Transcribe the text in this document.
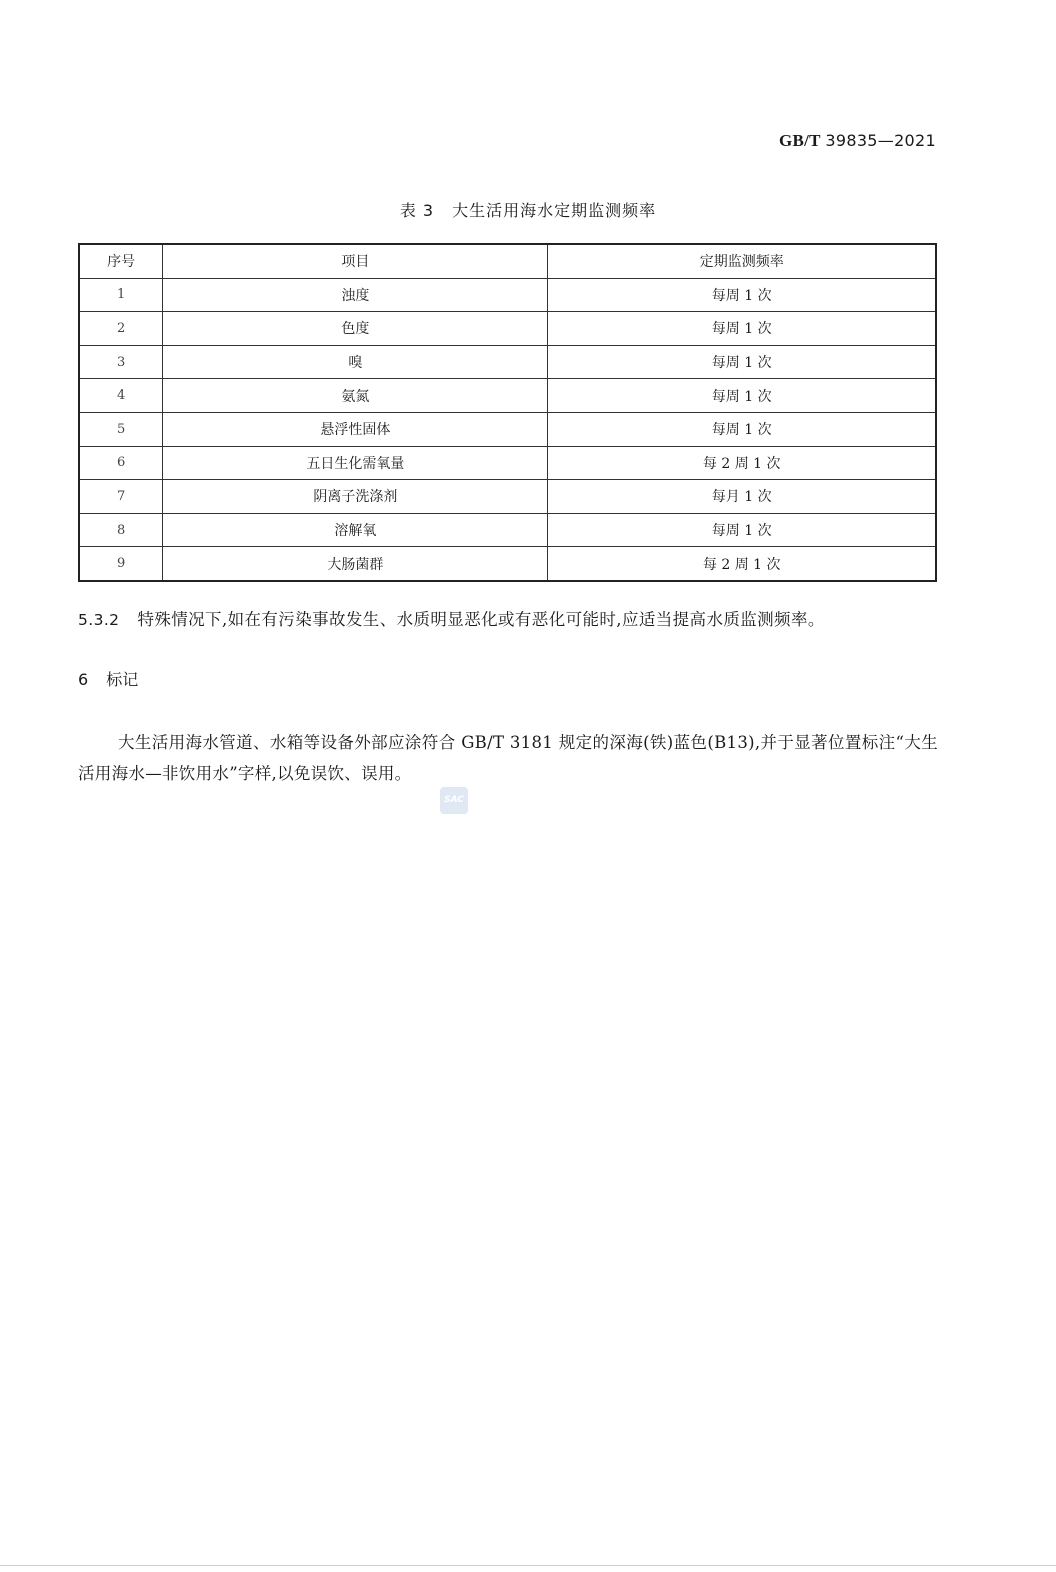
GB/T 39835—2021
表 3 大生活用海水定期监测频率
序号	项目	定期监测频率
1	浊度	每周 1 次
2	色度	每周 1 次
3	嗅	每周 1 次
4	氨氮	每周 1 次
5	悬浮性固体	每周 1 次
6	五日生化需氧量	每 2 周 1 次
7	阴离子洗涤剂	每月 1 次
8	溶解氧	每周 1 次
9	大肠菌群	每 2 周 1 次
5.3.2 特殊情况下,如在有污染事故发生、水质明显恶化或有恶化可能时,应适当提高水质监测频率。
6 标记
大生活用海水管道、水箱等设备外部应涂符合 GB/T 3181 规定的深海(铁)蓝色(B13),并于显著位置标注“大生活用海水—非饮用水”字样,以免误饮、误用。
SAC
